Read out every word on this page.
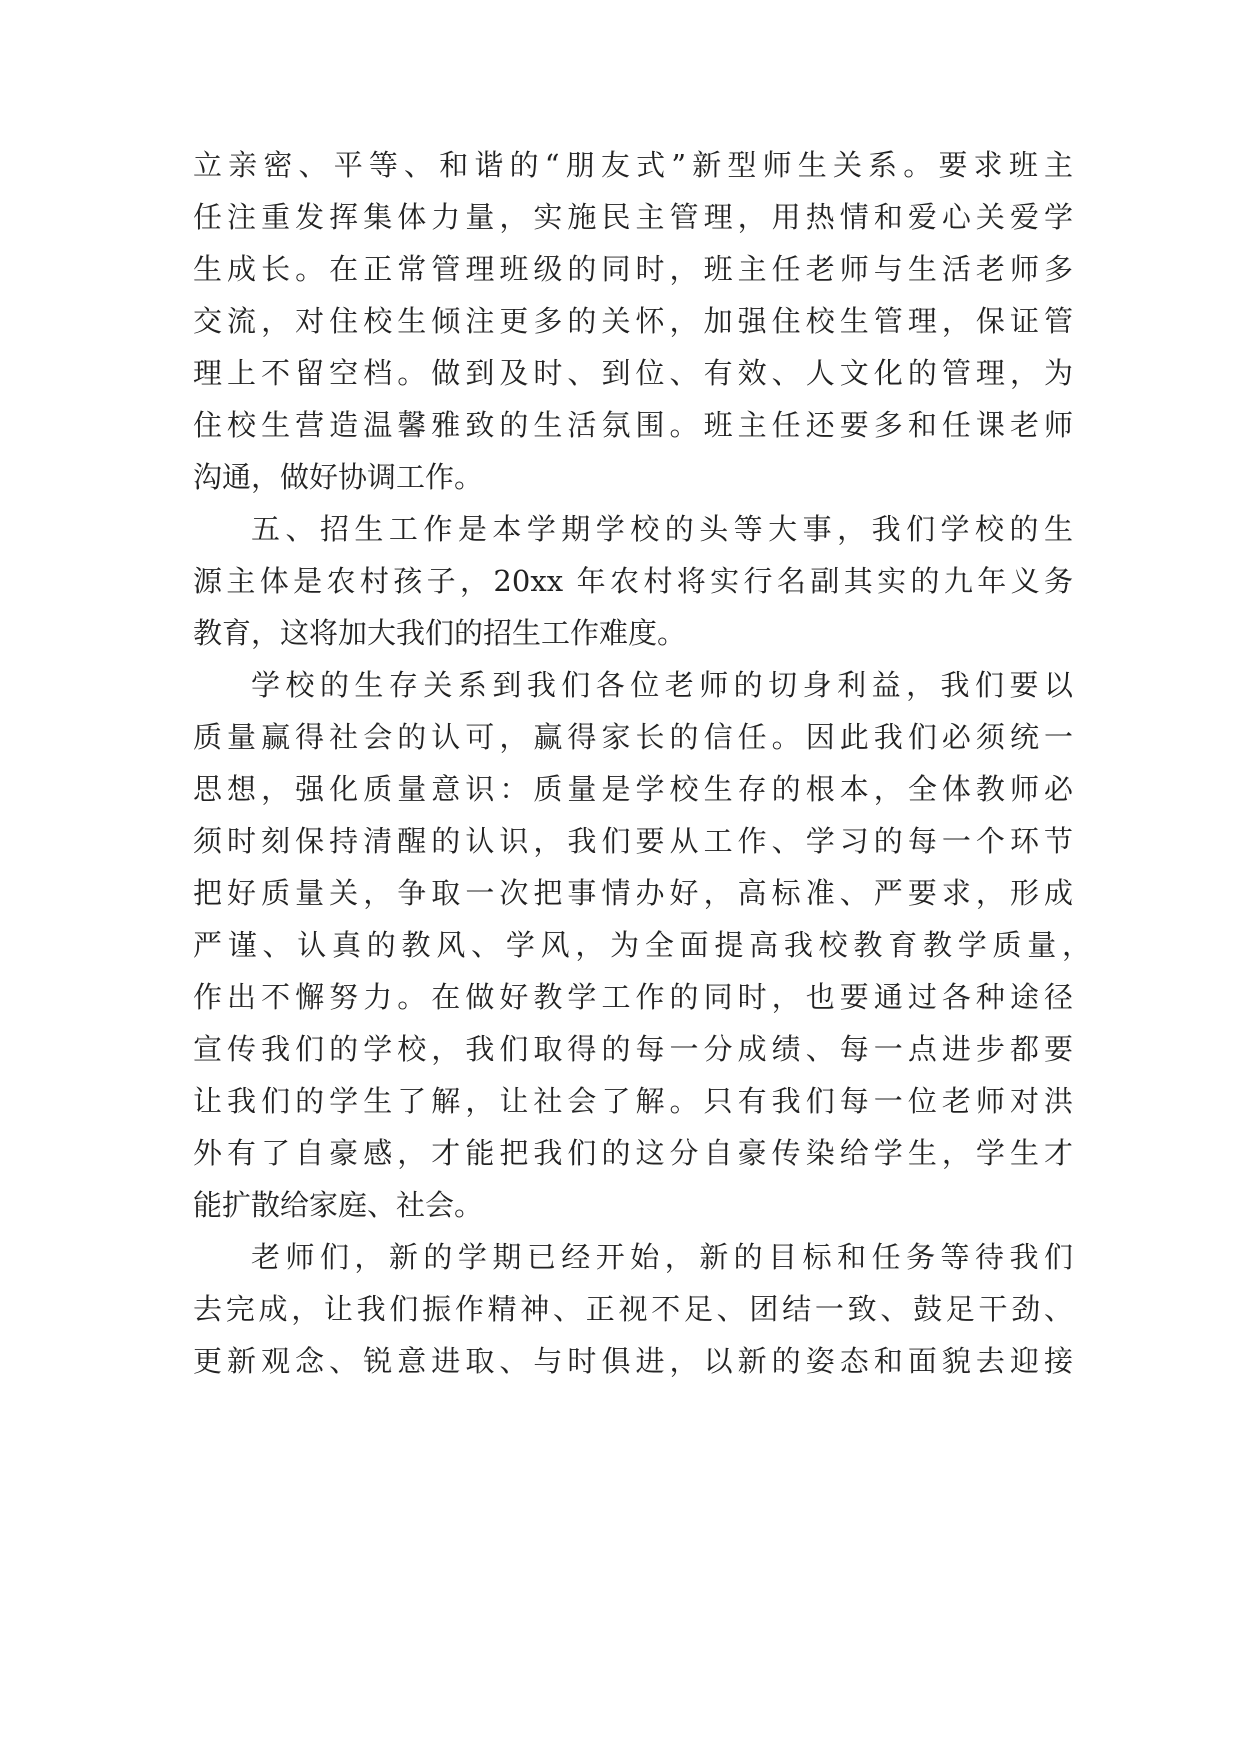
立亲密、平等、和谐的“朋友式”新型师生关系。要求班主
任注重发挥集体力量，实施民主管理，用热情和爱心关爱学
生成长。在正常管理班级的同时，班主任老师与生活老师多
交流，对住校生倾注更多的关怀，加强住校生管理，保证管
理上不留空档。做到及时、到位、有效、人文化的管理，为
住校生营造温馨雅致的生活氛围。班主任还要多和任课老师
沟通，做好协调工作。
五、招生工作是本学期学校的头等大事，我们学校的生
源主体是农村孩子，20xx 年农村将实行名副其实的九年义务
教育，这将加大我们的招生工作难度。
学校的生存关系到我们各位老师的切身利益，我们要以
质量赢得社会的认可，赢得家长的信任。因此我们必须统一
思想，强化质量意识：质量是学校生存的根本，全体教师必
须时刻保持清醒的认识，我们要从工作、学习的每一个环节
把好质量关，争取一次把事情办好，高标准、严要求，形成
严谨、认真的教风、学风，为全面提高我校教育教学质量，
作出不懈努力。在做好教学工作的同时，也要通过各种途径
宣传我们的学校，我们取得的每一分成绩、每一点进步都要
让我们的学生了解，让社会了解。只有我们每一位老师对洪
外有了自豪感，才能把我们的这分自豪传染给学生，学生才
能扩散给家庭、社会。
老师们，新的学期已经开始，新的目标和任务等待我们
去完成，让我们振作精神、正视不足、团结一致、鼓足干劲、
更新观念、锐意进取、与时俱进，以新的姿态和面貌去迎接
